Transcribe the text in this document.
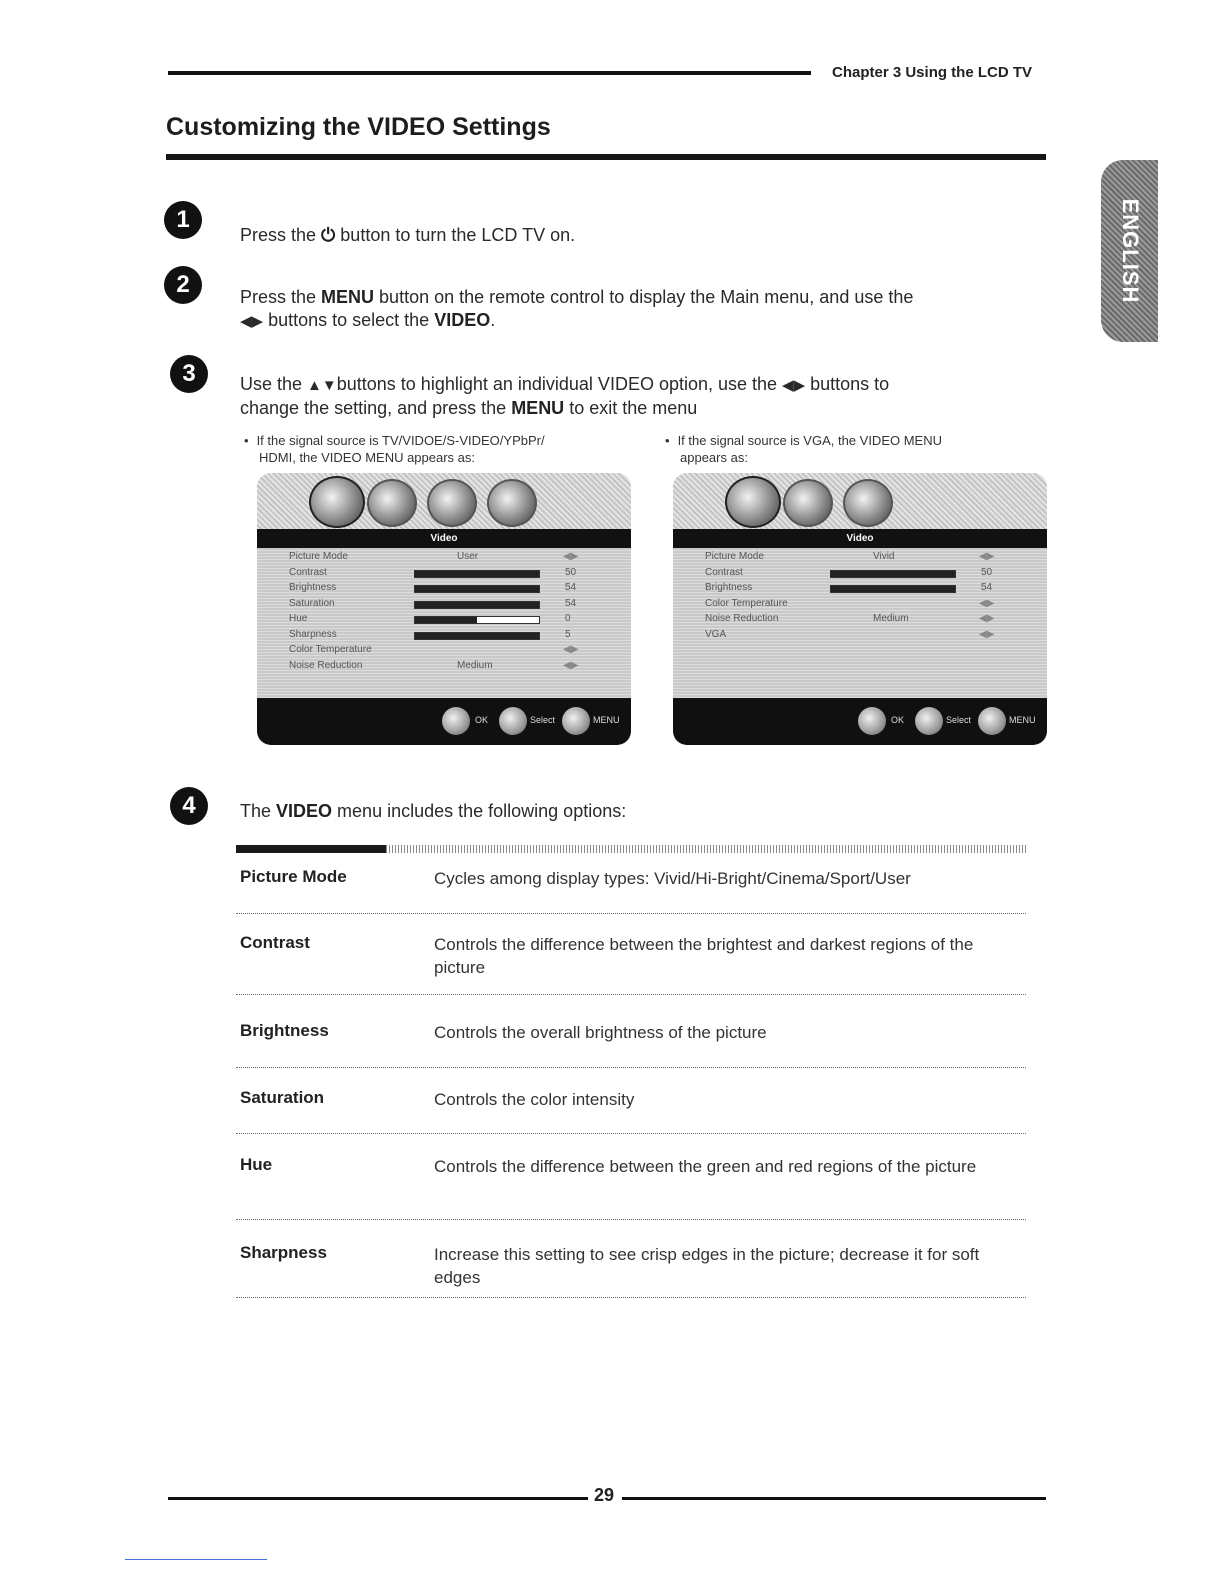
Chapter 3 Using the LCD TV
Customizing the VIDEO Settings
ENGLISH
1
Press the ⏻ button to turn the LCD TV on.
2	Press the MENU button on the remote control to display the Main menu, and use the
◀▶ buttons to select the VIDEO.
3	Use the ▲▼buttons to highlight an individual VIDEO option, use the ◀▶ buttons to
change the setting, and press the MENU to exit the menu
• If the signal source is TV/VIDOE/S-VIDEO/YPbPr/
HDMI, the VIDEO MENU appears as:
• If the signal source is VGA, the VIDEO MENU
appears as:
Video
Picture Mode	User	◀▶
Contrast	50
Brightness	54
Saturation	54
Hue	0
Sharpness	5
Color Temperature	◀▶
Noise Reduction	Medium	◀▶
OK	Select	MENU
Video
Picture Mode	Vivid	◀▶
Contrast	50
Brightness	54
Color Temperature	◀▶
Noise Reduction	Medium	◀▶
VGA	◀▶
OK	Select	MENU
4	The VIDEO menu includes the following options:
Picture Mode	Cycles among display types: Vivid/Hi-Bright/Cinema/Sport/User
Contrast	Controls the difference between the brightest and darkest regions of the picture
Brightness	Controls the overall brightness of the picture
Saturation	Controls the color intensity
Hue	Controls the difference between the green and red regions of the picture
Sharpness	Increase this setting to see crisp edges in the picture; decrease it for soft edges
29
